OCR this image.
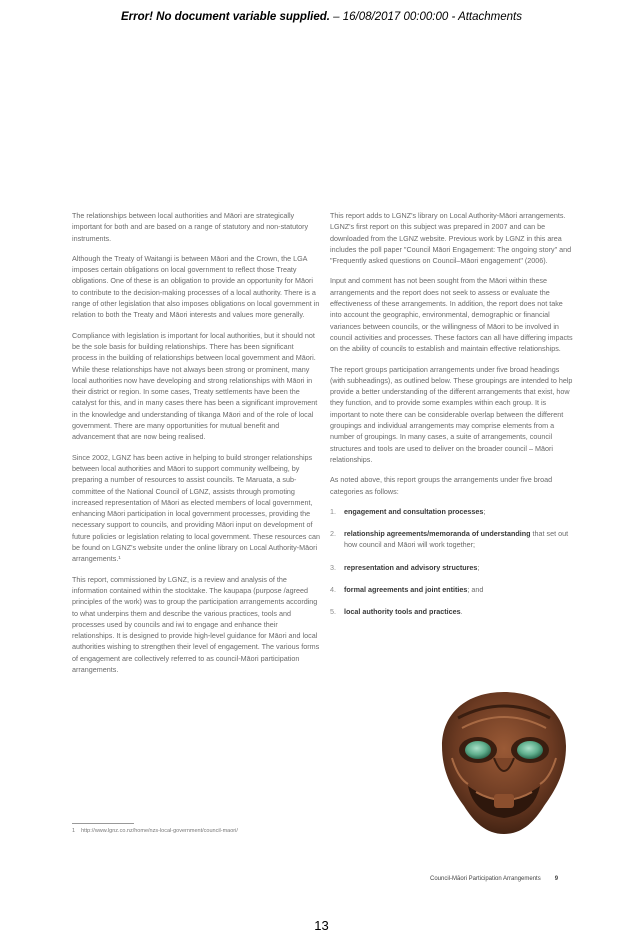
Error! No document variable supplied. – 16/08/2017 00:00:00 - Attachments

The relationships between local authorities and Māori are strategically important for both and are based on a range of statutory and non-statutory instruments.

Although the Treaty of Waitangi is between Māori and the Crown, the LGA imposes certain obligations on local government to reflect those Treaty obligations. One of these is an obligation to provide an opportunity for Māori to contribute to the decision-making processes of a local authority. There is a range of other legislation that also imposes obligations on local government in relation to both the Treaty and Māori interests and values more generally.

Compliance with legislation is important for local authorities, but it should not be the sole basis for building relationships. There has been significant process in the building of relationships between local government and Māori. While these relationships have not always been strong or prominent, many local authorities now have developing and strong relationships with Māori in their district or region. In some cases, Treaty settlements have been the catalyst for this, and in many cases there has been a significant improvement in the knowledge and understanding of tikanga Māori and of the role of local government. There are many opportunities for mutual benefit and advancement that are now being realised.

Since 2002, LGNZ has been active in helping to build stronger relationships between local authorities and Māori to support community wellbeing, by preparing a number of resources to assist councils. Te Maruata, a sub-committee of the National Council of LGNZ, assists through promoting increased representation of Māori as elected members of local government, enhancing Māori participation in local government processes, providing the necessary support to councils, and providing Māori input on development of future policies or legislation relating to local government. These resources can be found on LGNZ's website under the online library on Local Authority-Māori arrangements.¹

This report, commissioned by LGNZ, is a review and analysis of the information contained within the stocktake. The kaupapa (purpose /agreed principles of the work) was to group the participation arrangements according to what underpins them and describe the various practices, tools and processes used by councils and iwi to engage and enhance their relationships. It is designed to provide high-level guidance for Māori and local authorities wishing to strengthen their level of engagement. The various forms of engagement are collectively referred to as council-Māori participation arrangements.

This report adds to LGNZ's library on Local Authority-Māori arrangements. LGNZ's first report on this subject was prepared in 2007 and can be downloaded from the LGNZ website. Previous work by LGNZ in this area includes the poll paper "Council Māori Engagement: The ongoing story" and "Frequently asked questions on Council–Māori engagement" (2006).

Input and comment has not been sought from the Māori within these arrangements and the report does not seek to assess or evaluate the effectiveness of these arrangements. In addition, the report does not take into account the geographic, environmental, demographic or financial variances between councils, or the willingness of Māori to be involved in council activities and processes. These factors can all have differing impacts on the ability of councils to establish and maintain effective relationships.

The report groups participation arrangements under five broad headings (with subheadings), as outlined below. These groupings are intended to help provide a better understanding of the different arrangements that exist, how they function, and to provide some examples within each group. It is important to note there can be considerable overlap between the different groupings and individual arrangements may comprise elements from a number of groupings. In many cases, a suite of arrangements, council structures and tools are used to deliver on the broader council – Māori relationships.

As noted above, this report groups the arrangements under five broad categories as follows:

1. engagement and consultation processes;
2. relationship agreements/memoranda of understanding that set out how council and Māori will work together;
3. representation and advisory structures;
4. formal agreements and joint entities; and
5. local authority tools and practices.
1 http://www.lgnz.co.nz/home/nzs-local-government/council-maori/
Council-Māori Participation Arrangements 9
13
